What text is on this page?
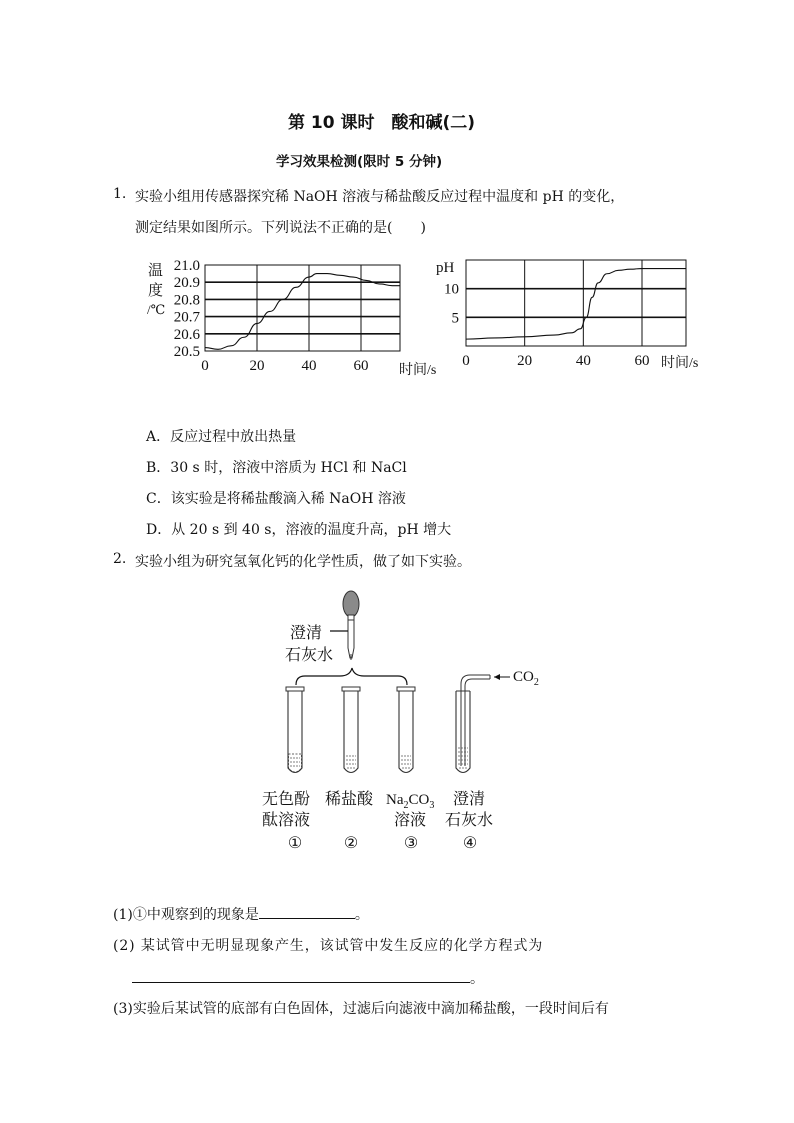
第 10 课时　酸和碱(二)
学习效果检测(限时 5 分钟)
1. 实验小组用传感器探究稀 NaOH 溶液与稀盐酸反应过程中温度和 pH 的变化，
测定结果如图所示。下列说法不正确的是(　　)
温
度
/℃
时间/s
20.5
20.6
20.7
20.8
20.9
21.0
0	20 40 60
pH
时间/s
5
10
0	20	40	60
A．反应过程中放出热量
B．30 s 时，溶液中溶质为 HCl 和 NaCl
C．该实验是将稀盐酸滴入稀 NaOH 溶液
D．从 20 s 到 40 s，溶液的温度升高，pH 增大
2. 实验小组为研究氢氧化钙的化学性质，做了如下实验。
澄清
石灰水
$CO_2$
无色酚
酞溶液
①
稀盐酸
②
$Na_2CO_3$
溶液
③
澄清
石灰水
④
(1)①中观察到的现象是	。
(2) 某试管中无明显现象产生，该试管中发生反应的化学方程式为
。
(3)实验后某试管的底部有白色固体，过滤后向滤液中滴加稀盐酸，一段时间后有
